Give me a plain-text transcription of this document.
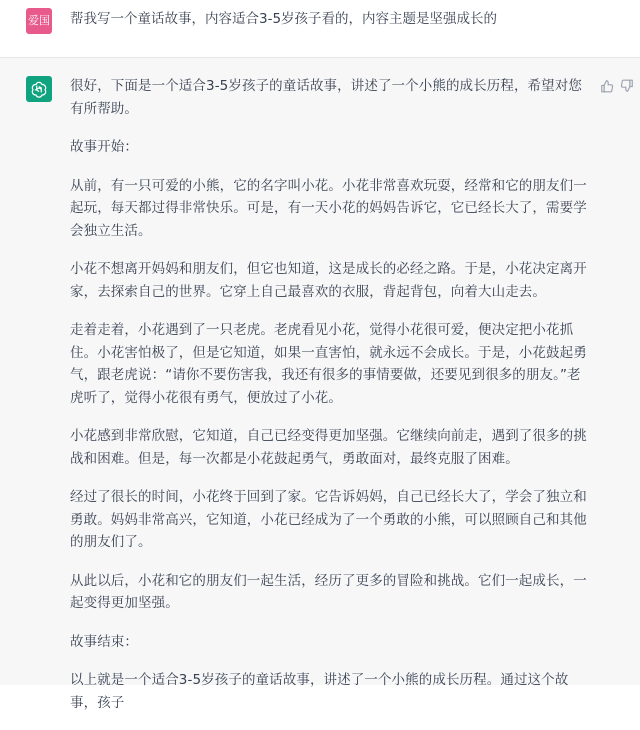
爱国 帮我写一个童话故事，内容适合3-5岁孩子看的，内容主题是坚强成长的

很好，下面是一个适合3-5岁孩子的童话故事，讲述了一个小熊的成长历程，希望对您有所帮助。

故事开始：

从前，有一只可爱的小熊，它的名字叫小花。小花非常喜欢玩耍，经常和它的朋友们一起玩，每天都过得非常快乐。可是，有一天小花的妈妈告诉它，它已经长大了，需要学会独立生活。

小花不想离开妈妈和朋友们，但它也知道，这是成长的必经之路。于是，小花决定离开家，去探索自己的世界。它穿上自己最喜欢的衣服，背起背包，向着大山走去。

走着走着，小花遇到了一只老虎。老虎看见小花，觉得小花很可爱，便决定把小花抓住。小花害怕极了，但是它知道，如果一直害怕，就永远不会成长。于是，小花鼓起勇气，跟老虎说：“请你不要伤害我，我还有很多的事情要做，还要见到很多的朋友。”老虎听了，觉得小花很有勇气，便放过了小花。

小花感到非常欣慰，它知道，自己已经变得更加坚强。它继续向前走，遇到了很多的挑战和困难。但是，每一次都是小花鼓起勇气，勇敢面对，最终克服了困难。

经过了很长的时间，小花终于回到了家。它告诉妈妈，自己已经长大了，学会了独立和勇敢。妈妈非常高兴，它知道，小花已经成为了一个勇敢的小熊，可以照顾自己和其他的朋友们了。

从此以后，小花和它的朋友们一起生活，经历了更多的冒险和挑战。它们一起成长，一起变得更加坚强。

故事结束：

以上就是一个适合3-5岁孩子的童话故事，讲述了一个小熊的成长历程。通过这个故事，孩子
